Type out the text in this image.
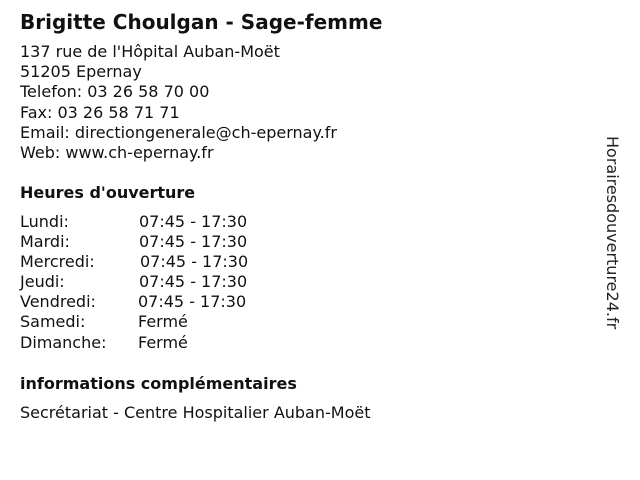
Brigitte Choulgan - Sage-femme
137 rue de l'Hôpital Auban-Moët
51205 Epernay
Telefon: 03 26 58 70 00
Fax: 03 26 58 71 71
Email: directiongenerale@ch-epernay.fr
Web: www.ch-epernay.fr
Heures d'ouverture
Lundi:	07:45 - 17:30
Mardi:	07:45 - 17:30
Mercredi:	07:45 - 17:30
Jeudi:	07:45 - 17:30
Vendredi:	07:45 - 17:30
Samedi:	Fermé
Dimanche: Fermé
informations complémentaires
Secrétariat - Centre Hospitalier Auban-Moët
Horairesdouverture24.fr
